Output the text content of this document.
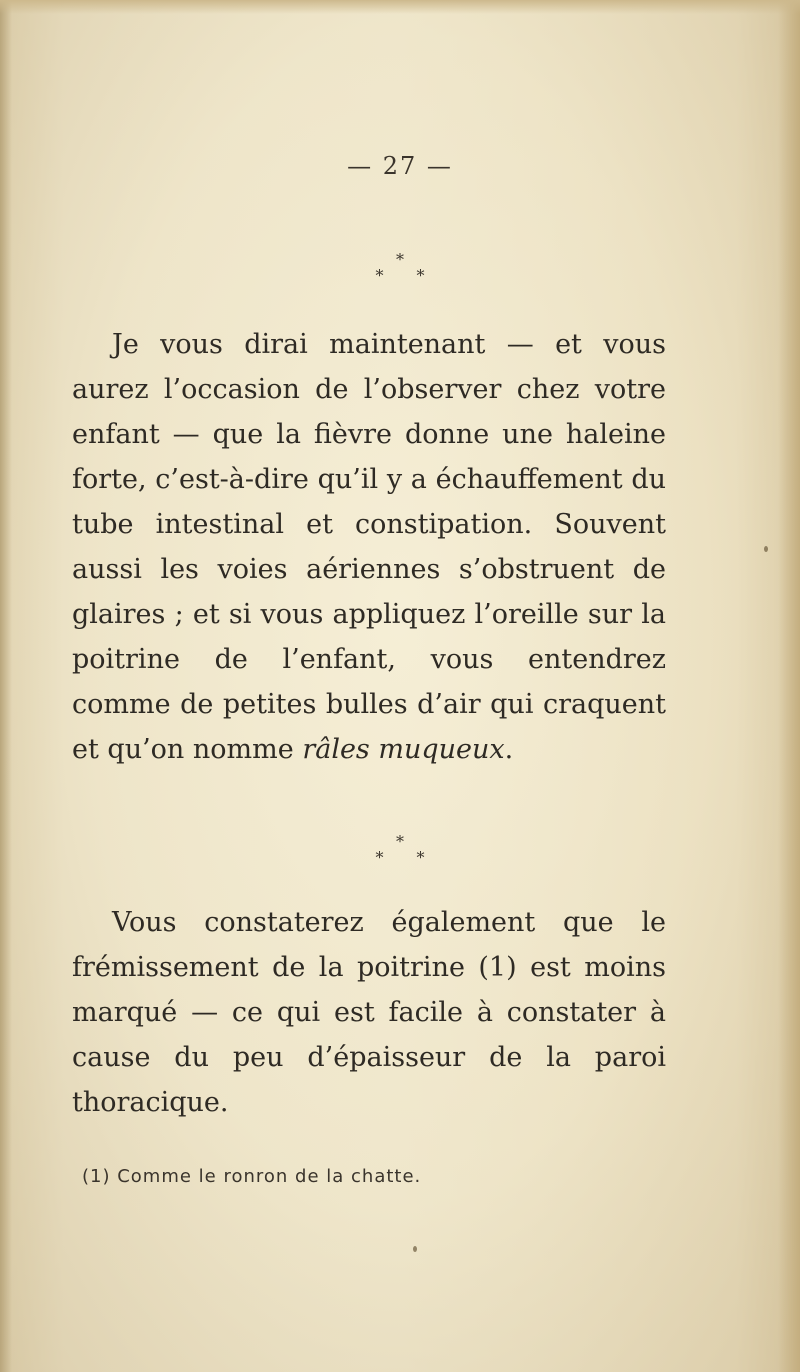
— 27 —
*
* *

Je vous dirai maintenant — et vous aurez l’occasion de l’observer chez votre enfant — que la fièvre donne une haleine forte, c’est-à-dire qu’il y a échauffement du tube intestinal et constipation. Souvent aussi les voies aériennes s’obstruent de glaires ; et si vous appliquez l’oreille sur la poitrine de l’enfant, vous entendrez comme de petites bulles d’air qui craquent et qu’on nomme râles muqueux.

*
* *

Vous constaterez également que le frémissement de la poitrine (1) est moins marqué — ce qui est facile à constater à cause du peu d’épaisseur de la paroi thoracique.

(1) Comme le ronron de la chatte.
